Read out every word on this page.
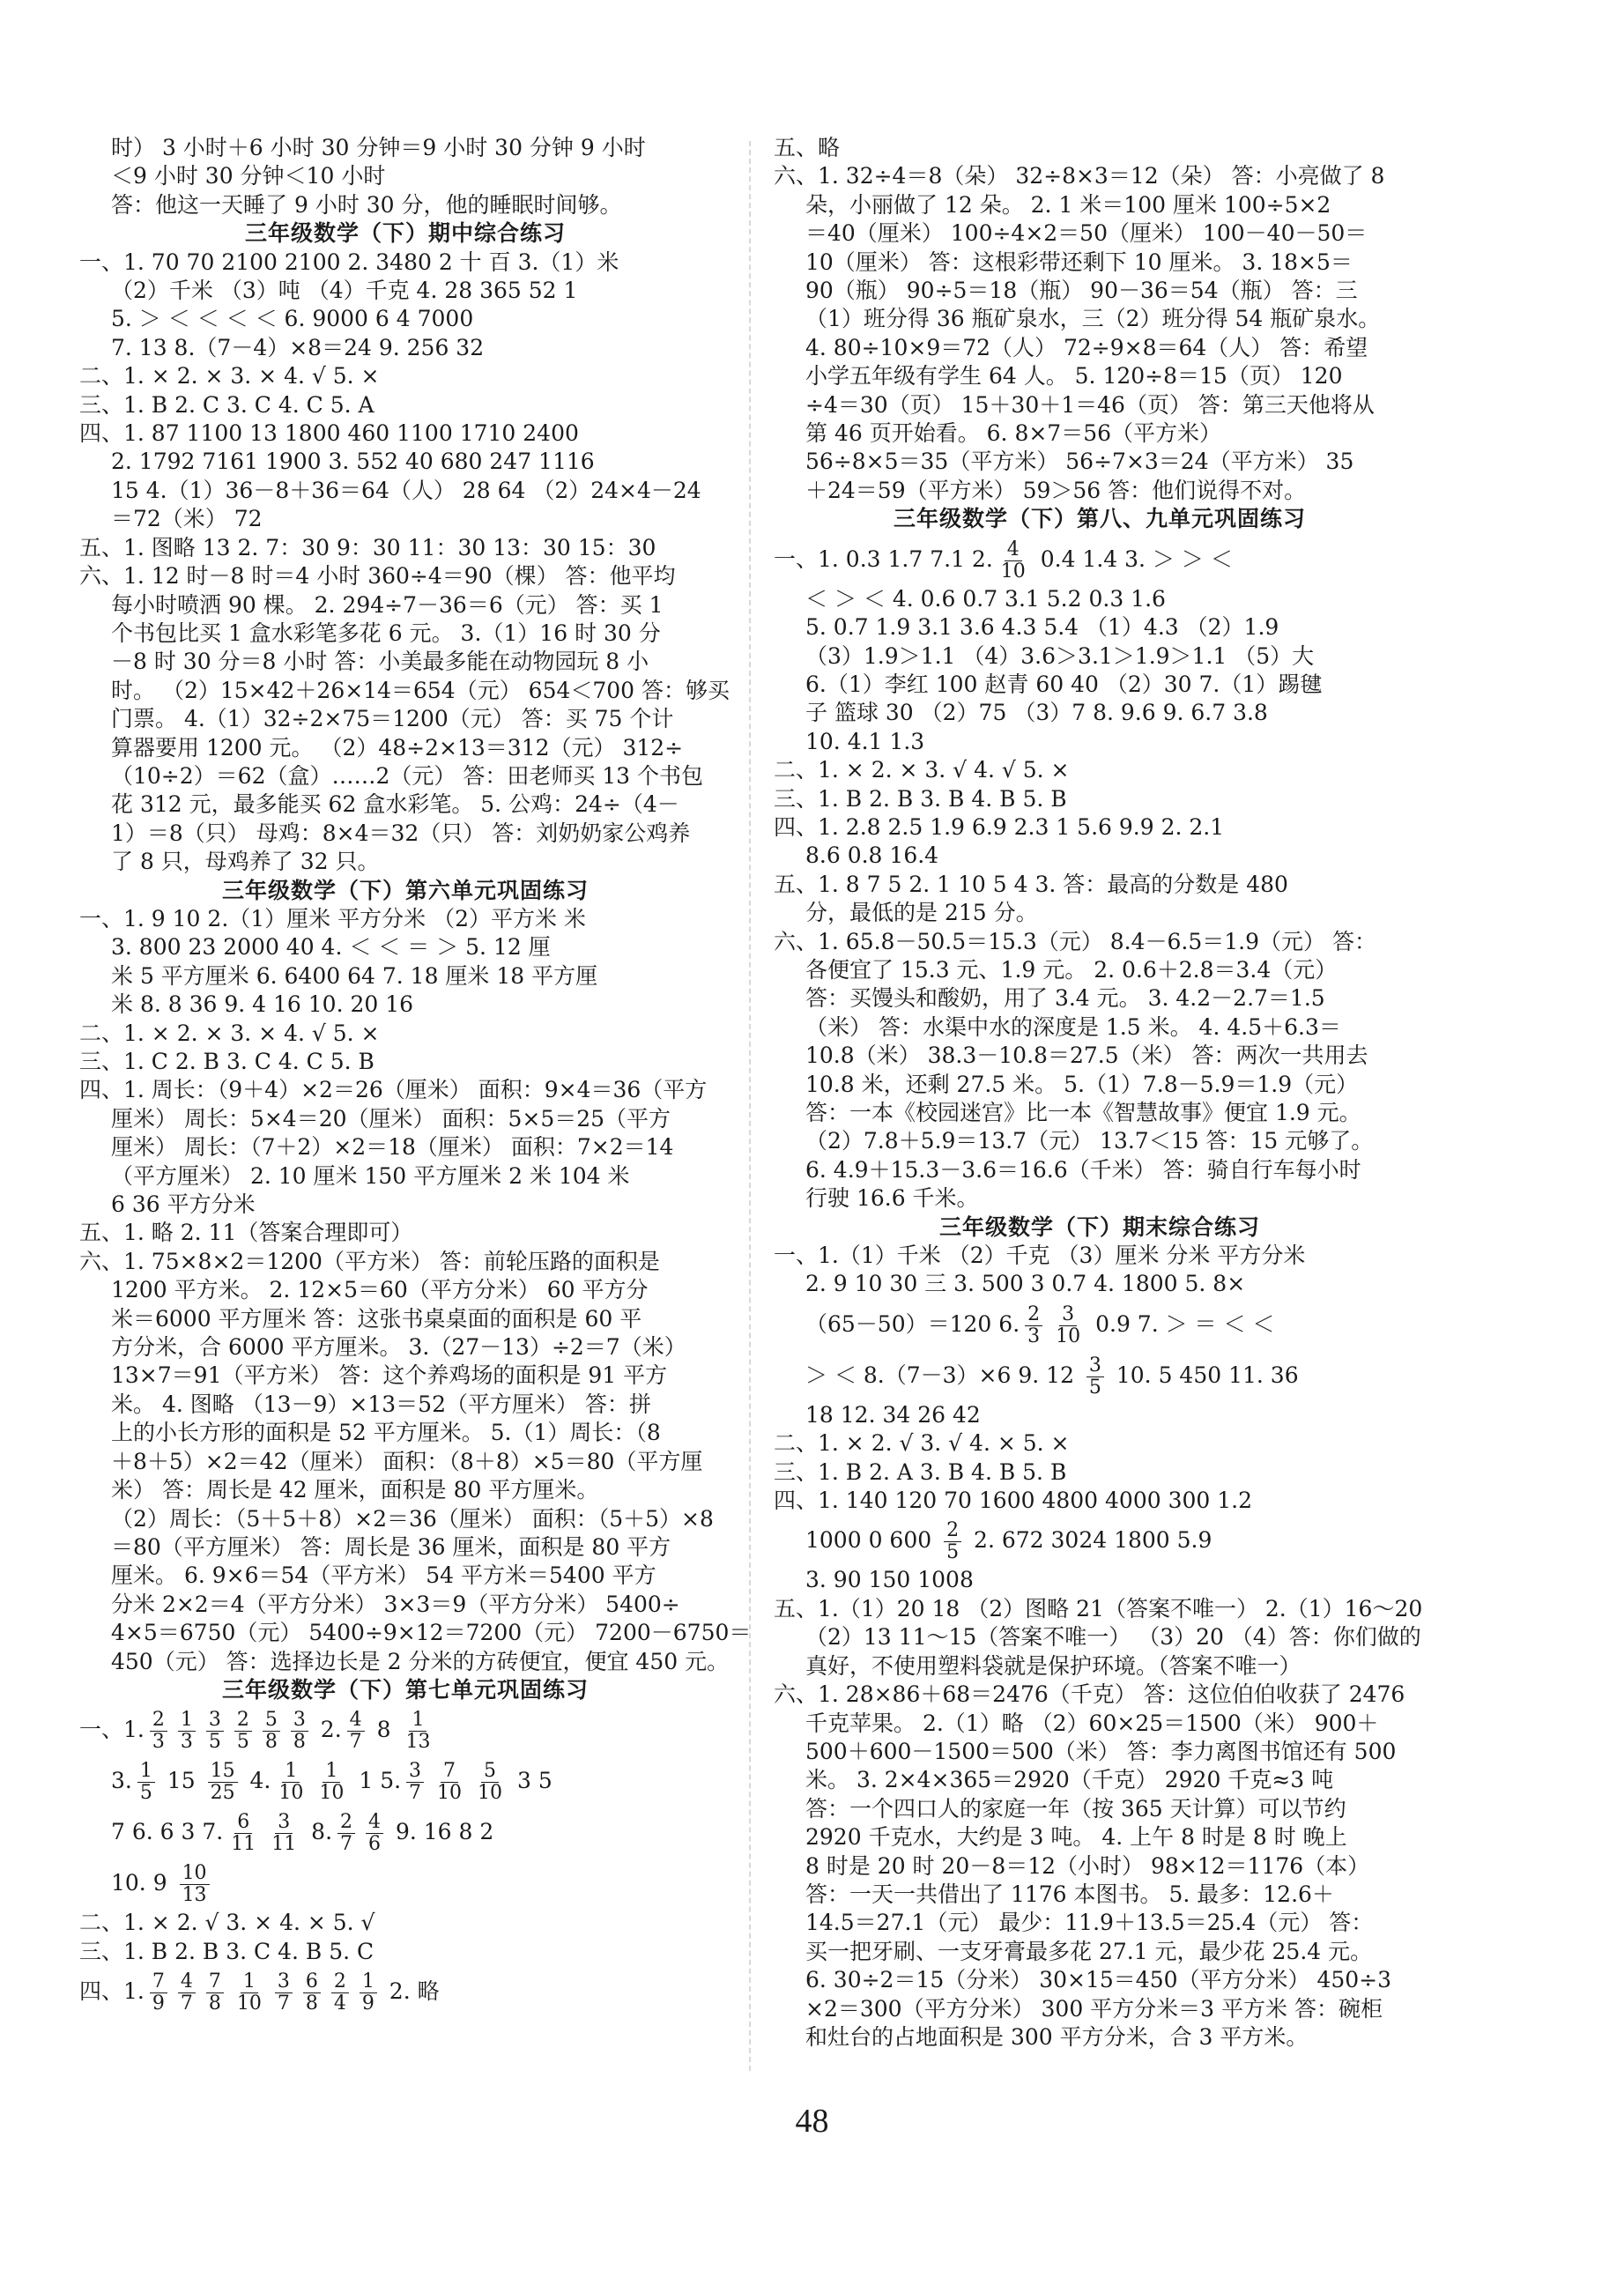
时） 3 小时＋6 小时 30 分钟＝9 小时 30 分钟 9 小时
＜9 小时 30 分钟＜10 小时
答：他这一天睡了 9 小时 30 分，他的睡眠时间够。
三年级数学（下）期中综合练习
一、1. 70 70 2100 2100 2. 3480 2 十 百 3.（1）米
（2）千米 （3）吨 （4）千克 4. 28 365 52 1
5. ＞ ＜ ＜ ＜ ＜ 6. 9000 6 4 7000
7. 13 8.（7－4）×8＝24 9. 256 32
二、1. × 2. × 3. × 4. √ 5. ×
三、1. B 2. C 3. C 4. C 5. A
四、1. 87 1100 13 1800 460 1100 1710 2400
2. 1792 7161 1900 3. 552 40 680 247 1116
15 4.（1）36－8＋36＝64（人） 28 64 （2）24×4－24
＝72（米） 72
五、1. 图略 13 2. 7：30 9：30 11：30 13：30 15：30
六、1. 12 时－8 时＝4 小时 360÷4＝90（棵） 答：他平均
每小时喷洒 90 棵。 2. 294÷7－36＝6（元） 答：买 1
个书包比买 1 盒水彩笔多花 6 元。 3.（1）16 时 30 分
－8 时 30 分＝8 小时 答：小美最多能在动物园玩 8 小
时。 （2）15×42＋26×14＝654（元） 654＜700 答：够买
门票。 4.（1）32÷2×75＝1200（元） 答：买 75 个计
算器要用 1200 元。 （2）48÷2×13＝312（元） 312÷
（10÷2）＝62（盒）……2（元） 答：田老师买 13 个书包
花 312 元，最多能买 62 盒水彩笔。 5. 公鸡：24÷（4－
1）＝8（只） 母鸡：8×4＝32（只） 答：刘奶奶家公鸡养
了 8 只，母鸡养了 32 只。
三年级数学（下）第六单元巩固练习
一、1. 9 10 2.（1）厘米 平方分米 （2）平方米 米
3. 800 23 2000 40 4. ＜ ＜ ＝ ＞ 5. 12 厘
米 5 平方厘米 6. 6400 64 7. 18 厘米 18 平方厘
米 8. 8 36 9. 4 16 10. 20 16
二、1. × 2. × 3. × 4. √ 5. ×
三、1. C 2. B 3. C 4. C 5. B
四、1. 周长：（9＋4）×2＝26（厘米） 面积：9×4＝36（平方
厘米） 周长：5×4＝20（厘米） 面积：5×5＝25（平方
厘米） 周长：（7＋2）×2＝18（厘米） 面积：7×2＝14
（平方厘米） 2. 10 厘米 150 平方厘米 2 米 104 米
6 36 平方分米
五、1. 略 2. 11（答案合理即可）
六、1. 75×8×2＝1200（平方米） 答：前轮压路的面积是
1200 平方米。 2. 12×5＝60（平方分米） 60 平方分
米＝6000 平方厘米 答：这张书桌桌面的面积是 60 平
方分米，合 6000 平方厘米。 3.（27－13）÷2＝7（米）
13×7＝91（平方米） 答：这个养鸡场的面积是 91 平方
米。 4. 图略 （13－9）×13＝52（平方厘米） 答：拼
上的小长方形的面积是 52 平方厘米。 5.（1）周长：（8
＋8＋5）×2＝42（厘米） 面积：（8＋8）×5＝80（平方厘
米） 答：周长是 42 厘米，面积是 80 平方厘米。
（2）周长：（5＋5＋8）×2＝36（厘米） 面积：（5＋5）×8
＝80（平方厘米） 答：周长是 36 厘米，面积是 80 平方
厘米。 6. 9×6＝54（平方米） 54 平方米＝5400 平方
分米 2×2＝4（平方分米） 3×3＝9（平方分米） 5400÷
4×5＝6750（元） 5400÷9×12＝7200（元） 7200－6750＝
450（元） 答：选择边长是 2 分米的方砖便宜，便宜 450 元。
三年级数学（下）第七单元巩固练习
一、1. $\frac{2}{3} \frac{1}{3} \frac{3}{5} \frac{2}{5} \frac{5}{8} \frac{3}{8} 2$. $\frac{4}{7} 8 \frac{1}{13}$
3. $\frac{1}{5} 15 \frac{15}{25} 4$. $\frac{1}{10} \frac{1}{10} 1$ 5. $\frac{3}{7} \frac{7}{10} \frac{5}{10} 3$ 5
7 6. 6 3 7. $\frac{6}{11} \frac{3}{11} 8$. $\frac{2}{7} \frac{4}{6} 9$. 16 8 2
10. $9 \frac{10}{13}$
二、1. × 2. √ 3. × 4. × 5. √
三、1. B 2. B 3. C 4. B 5. C
四、1. $\frac{7}{9} \frac{4}{7} \frac{7}{8} \frac{1}{10} \frac{3}{7} \frac{6}{8} \frac{2}{4} \frac{1}{9} 2$. 略
五、略
六、1. 32÷4＝8（朵） 32÷8×3＝12（朵） 答：小亮做了 8
朵，小丽做了 12 朵。 2. 1 米＝100 厘米 100÷5×2
＝40（厘米） 100÷4×2＝50（厘米） 100－40－50＝
10（厘米） 答：这根彩带还剩下 10 厘米。 3. 18×5＝
90（瓶） 90÷5＝18（瓶） 90－36＝54（瓶） 答：三
（1）班分得 36 瓶矿泉水，三（2）班分得 54 瓶矿泉水。
4. 80÷10×9＝72（人） 72÷9×8＝64（人） 答：希望
小学五年级有学生 64 人。 5. 120÷8＝15（页） 120
÷4＝30（页） 15＋30＋1＝46（页） 答：第三天他将从
第 46 页开始看。 6. 8×7＝56（平方米）
56÷8×5＝35（平方米） 56÷7×3＝24（平方米） 35
＋24＝59（平方米） 59＞56 答：他们说得不对。
三年级数学（下）第八、九单元巩固练习
一、1. 0.3 1.7 7.1 2. $\frac{4}{10} 0.4$ 1.4 3. ＞ ＞ ＜
＜ ＞ ＜ 4. 0.6 0.7 3.1 5.2 0.3 1.6
5. 0.7 1.9 3.1 3.6 4.3 5.4 （1）4.3 （2）1.9
（3）1.9＞1.1 （4）3.6＞3.1＞1.9＞1.1 （5）大
6.（1）李红 100 赵青 60 40 （2）30 7.（1）踢毽
子 篮球 30 （2）75 （3）7 8. 9.6 9. 6.7 3.8
10. 4.1 1.3
二、1. × 2. × 3. √ 4. √ 5. ×
三、1. B 2. B 3. B 4. B 5. B
四、1. 2.8 2.5 1.9 6.9 2.3 1 5.6 9.9 2. 2.1
8.6 0.8 16.4
五、1. 8 7 5 2. 1 10 5 4 3. 答：最高的分数是 480
分，最低的是 215 分。
六、1. 65.8－50.5＝15.3（元） 8.4－6.5＝1.9（元） 答：
各便宜了 15.3 元、1.9 元。 2. 0.6＋2.8＝3.4（元）
答：买馒头和酸奶，用了 3.4 元。 3. 4.2－2.7＝1.5
（米） 答：水渠中水的深度是 1.5 米。 4. 4.5＋6.3＝
10.8（米） 38.3－10.8＝27.5（米） 答：两次一共用去
10.8 米，还剩 27.5 米。 5.（1）7.8－5.9＝1.9（元）
答：一本《校园迷宫》比一本《智慧故事》便宜 1.9 元。
（2）7.8＋5.9＝13.7（元） 13.7＜15 答：15 元够了。
6. 4.9＋15.3－3.6＝16.6（千米） 答：骑自行车每小时
行驶 16.6 千米。
三年级数学（下）期末综合练习
一、1.（1）千米 （2）千克 （3）厘米 分米 平方分米
2. 9 10 30 三 3. 500 3 0.7 4. 1800 5. 8×
（65－50）＝120 6. $\frac{2}{3} \frac{3}{10} 0.9$ 7. ＞ ＝ ＜ ＜
＞ ＜ 8.（7－3）×6 9. $12 \frac{3}{5} 10$. 5 450 11. 36
18 12. 34 26 42
二、1. × 2. √ 3. √ 4. × 5. ×
三、1. B 2. A 3. B 4. B 5. B
四、1. 140 120 70 1600 4800 4000 300 1.2
1000 0 $600 \frac{2}{5} 2$. 672 3024 1800 5.9
3. 90 150 1008
五、1.（1）20 18 （2）图略 21（答案不唯一） 2.（1）16～20
（2）13 11～15（答案不唯一） （3）20 （4）答：你们做的
真好，不使用塑料袋就是保护环境。（答案不唯一）
六、1. 28×86＋68＝2476（千克） 答：这位伯伯收获了 2476
千克苹果。 2.（1）略 （2）60×25＝1500（米） 900＋
500＋600－1500＝500（米） 答：李力离图书馆还有 500
米。 3. 2×4×365＝2920（千克） 2920 千克≈3 吨
答：一个四口人的家庭一年（按 365 天计算）可以节约
2920 千克水，大约是 3 吨。 4. 上午 8 时是 8 时 晚上
8 时是 20 时 20－8＝12（小时） 98×12＝1176（本）
答：一天一共借出了 1176 本图书。 5. 最多：12.6＋
14.5＝27.1（元） 最少：11.9＋13.5＝25.4（元） 答：
买一把牙刷、一支牙膏最多花 27.1 元，最少花 25.4 元。
6. 30÷2＝15（分米） 30×15＝450（平方分米） 450÷3
×2＝300（平方分米） 300 平方分米＝3 平方米 答：碗柜
和灶台的占地面积是 300 平方分米，合 3 平方米。
48
